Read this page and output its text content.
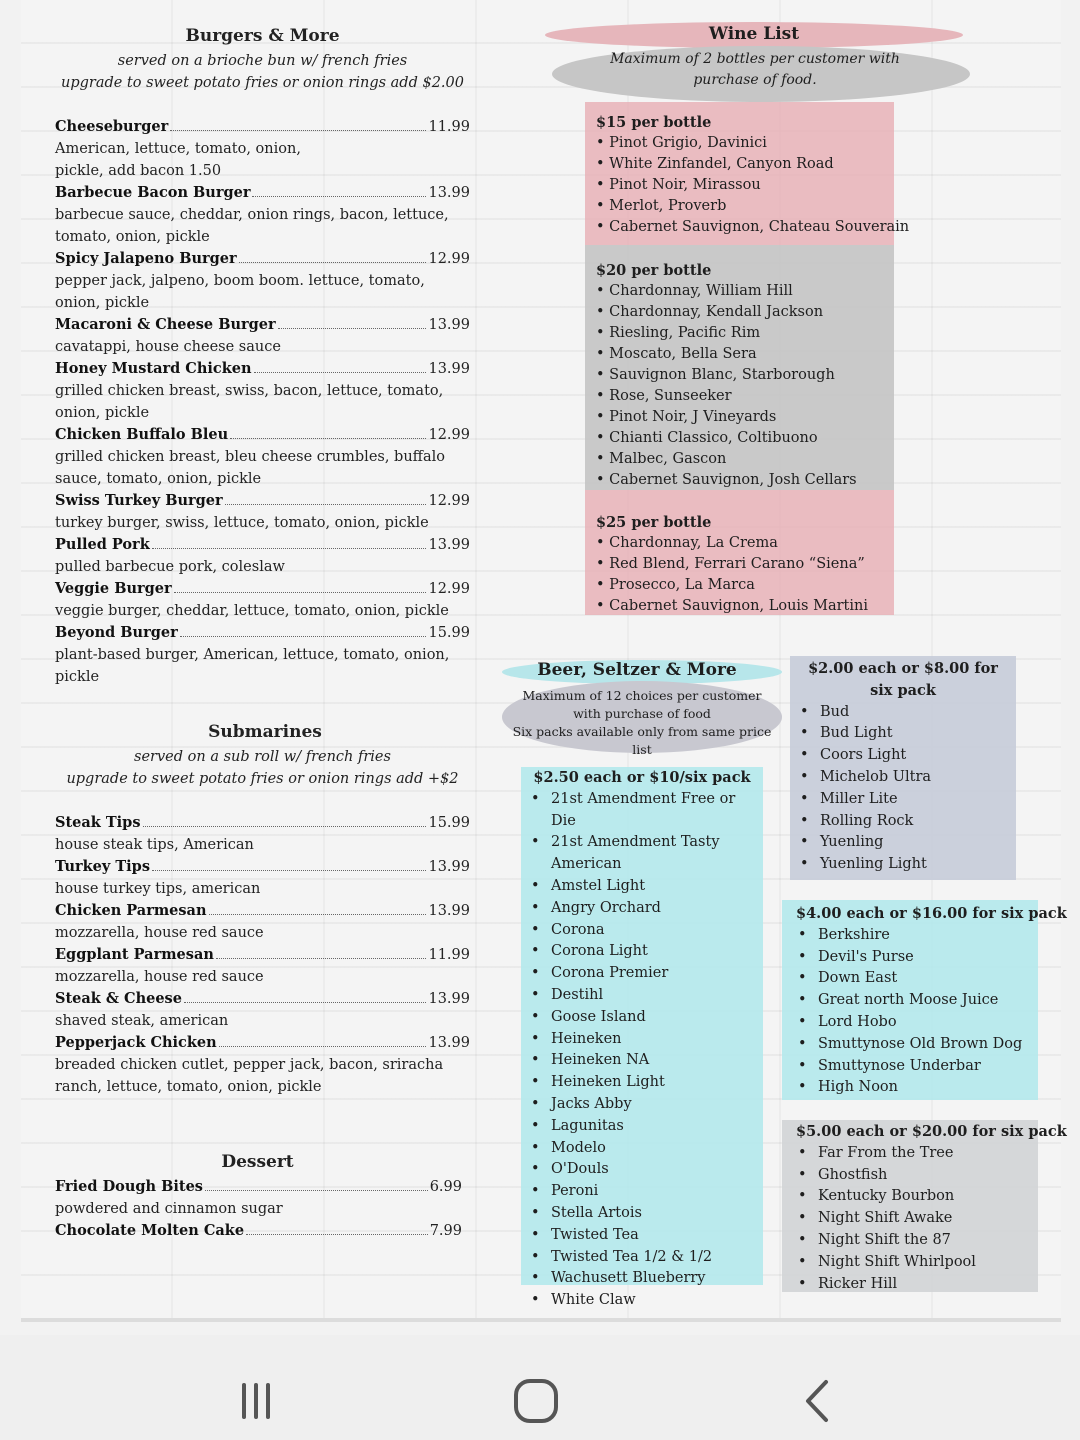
Burgers & More
served on a brioche bun w/ french fries
upgrade to sweet potato fries or onion rings add $2.00
Cheeseburger	11.99
American, lettuce, tomato, onion, pickle, add bacon 1.50
Barbecue Bacon Burger	13.99
barbecue sauce, cheddar, onion rings, bacon, lettuce, tomato, onion, pickle
Spicy Jalapeno Burger	12.99
pepper jack, jalpeno, boom boom. lettuce, tomato, onion, pickle
Macaroni & Cheese Burger	13.99
cavatappi, house cheese sauce
Honey Mustard Chicken	13.99
grilled chicken breast, swiss, bacon, lettuce, tomato, onion, pickle
Chicken Buffalo Bleu	12.99
grilled chicken breast, bleu cheese crumbles, buffalo sauce, tomato, onion, pickle
Swiss Turkey Burger	12.99
turkey burger, swiss, lettuce, tomato, onion, pickle
Pulled Pork	13.99
pulled barbecue pork, coleslaw
Veggie Burger	12.99
veggie burger, cheddar, lettuce, tomato, onion, pickle
Beyond Burger	15.99
plant-based burger, American, lettuce, tomato, onion, pickle
Submarines
served on a sub roll w/ french fries
upgrade to sweet potato fries or onion rings add +$2
Steak Tips	15.99
house steak tips, American
Turkey Tips	13.99
house turkey tips, american
Chicken Parmesan	13.99
mozzarella, house red sauce
Eggplant Parmesan	11.99
mozzarella, house red sauce
Steak & Cheese	13.99
shaved steak, american
Pepperjack Chicken	13.99
breaded chicken cutlet, pepper jack, bacon, sriracha ranch, lettuce, tomato, onion, pickle
Dessert
Fried Dough Bites	6.99
powdered and cinnamon sugar
Chocolate Molten Cake	7.99
Wine List
Maximum of 2 bottles per customer with purchase of food.
$15 per bottle
• Pinot Grigio, Davinici
• White Zinfandel, Canyon Road
• Pinot Noir, Mirassou
• Merlot, Proverb
• Cabernet Sauvignon, Chateau Souverain
$20 per bottle
• Chardonnay, William Hill
• Chardonnay, Kendall Jackson
• Riesling, Pacific Rim
• Moscato, Bella Sera
• Sauvignon Blanc, Starborough
• Rose, Sunseeker
• Pinot Noir, J Vineyards
• Chianti Classico, Coltibuono
• Malbec, Gascon
• Cabernet Sauvignon, Josh Cellars
$25 per bottle
• Chardonnay, La Crema
• Red Blend, Ferrari Carano “Siena”
• Prosecco, La Marca
• Cabernet Sauvignon, Louis Martini
Beer, Seltzer & More
Maximum of 12 choices per customer
with purchase of food
Six packs available only from same price list
$2.50 each or $10/six pack
• 21st Amendment Free or Die
• 21st Amendment Tasty American
• Amstel Light
• Angry Orchard
• Corona
• Corona Light
• Corona Premier
• Destihl
• Goose Island
• Heineken
• Heineken NA
• Heineken Light
• Jacks Abby
• Lagunitas
• Modelo
• O'Douls
• Peroni
• Stella Artois
• Twisted Tea
• Twisted Tea 1/2 & 1/2
• Wachusett Blueberry
• White Claw
$2.00 each or $8.00 for six pack
• Bud
• Bud Light
• Coors Light
• Michelob Ultra
• Miller Lite
• Rolling Rock
• Yuenling
• Yuenling Light
$4.00 each or $16.00 for six pack
• Berkshire
• Devil's Purse
• Down East
• Great north Moose Juice
• Lord Hobo
• Smuttynose Old Brown Dog
• Smuttynose Underbar
• High Noon
$5.00 each or $20.00 for six pack
• Far From the Tree
• Ghostfish
• Kentucky Bourbon
• Night Shift Awake
• Night Shift the 87
• Night Shift Whirlpool
• Ricker Hill
